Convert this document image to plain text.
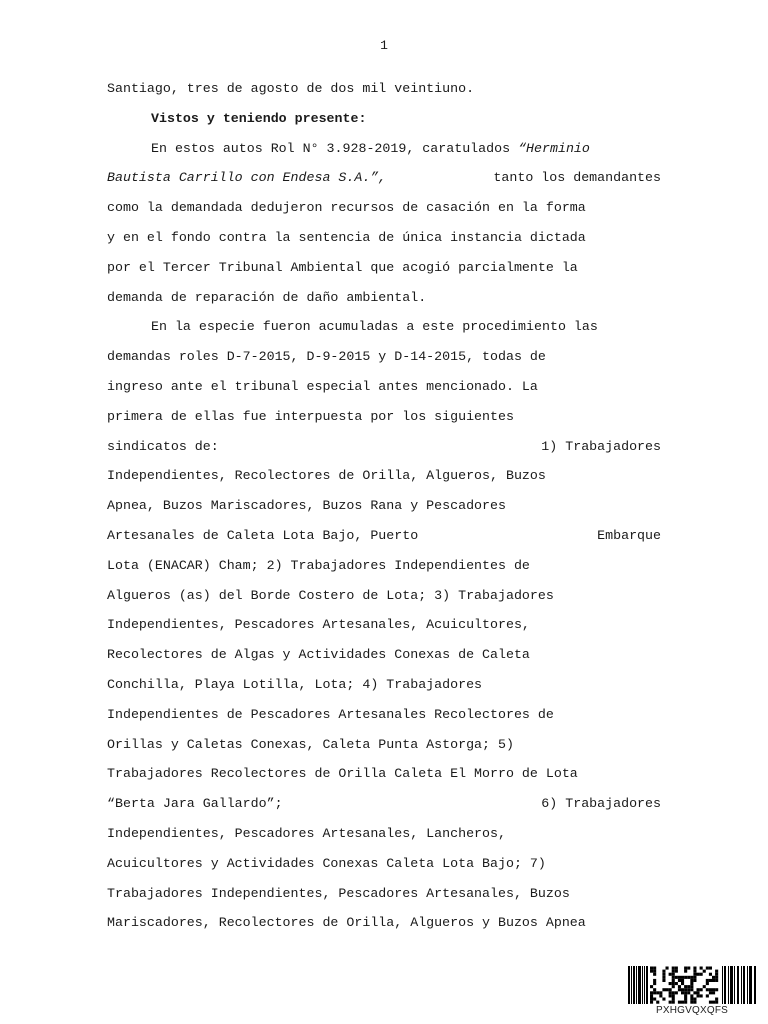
1
Santiago, tres de agosto de dos mil veintiuno.
Vistos y teniendo presente:
En estos autos Rol N° 3.928-2019, caratulados “Herminio
Bautista Carrillo con Endesa S.A.”,	tanto los demandantes
como la demandada dedujeron recursos de casación en la forma
y en el fondo contra la sentencia de única instancia dictada
por el Tercer Tribunal Ambiental que acogió parcialmente la
demanda de reparación de daño ambiental.
En la especie fueron acumuladas a este procedimiento las
demandas roles D-7-2015, D-9-2015 y D-14-2015, todas de
ingreso ante el tribunal especial antes mencionado. La
primera de ellas fue interpuesta por los siguientes
sindicatos de:	1) Trabajadores
Independientes, Recolectores de Orilla, Algueros, Buzos
Apnea, Buzos Mariscadores, Buzos Rana y Pescadores
Artesanales de Caleta Lota Bajo, Puerto	Embarque
Lota (ENACAR) Cham; 2) Trabajadores Independientes de
Algueros (as) del Borde Costero de Lota; 3) Trabajadores
Independientes, Pescadores Artesanales, Acuicultores,
Recolectores de Algas y Actividades Conexas de Caleta
Conchilla, Playa Lotilla, Lota; 4) Trabajadores
Independientes de Pescadores Artesanales Recolectores de
Orillas y Caletas Conexas, Caleta Punta Astorga; 5)
Trabajadores Recolectores de Orilla Caleta El Morro de Lota
“Berta Jara Gallardo”;	6) Trabajadores
Independientes, Pescadores Artesanales, Lancheros,
Acuicultores y Actividades Conexas Caleta Lota Bajo; 7)
Trabajadores Independientes, Pescadores Artesanales, Buzos
Mariscadores, Recolectores de Orilla, Algueros y Buzos Apnea
PXHGVQXQFS
